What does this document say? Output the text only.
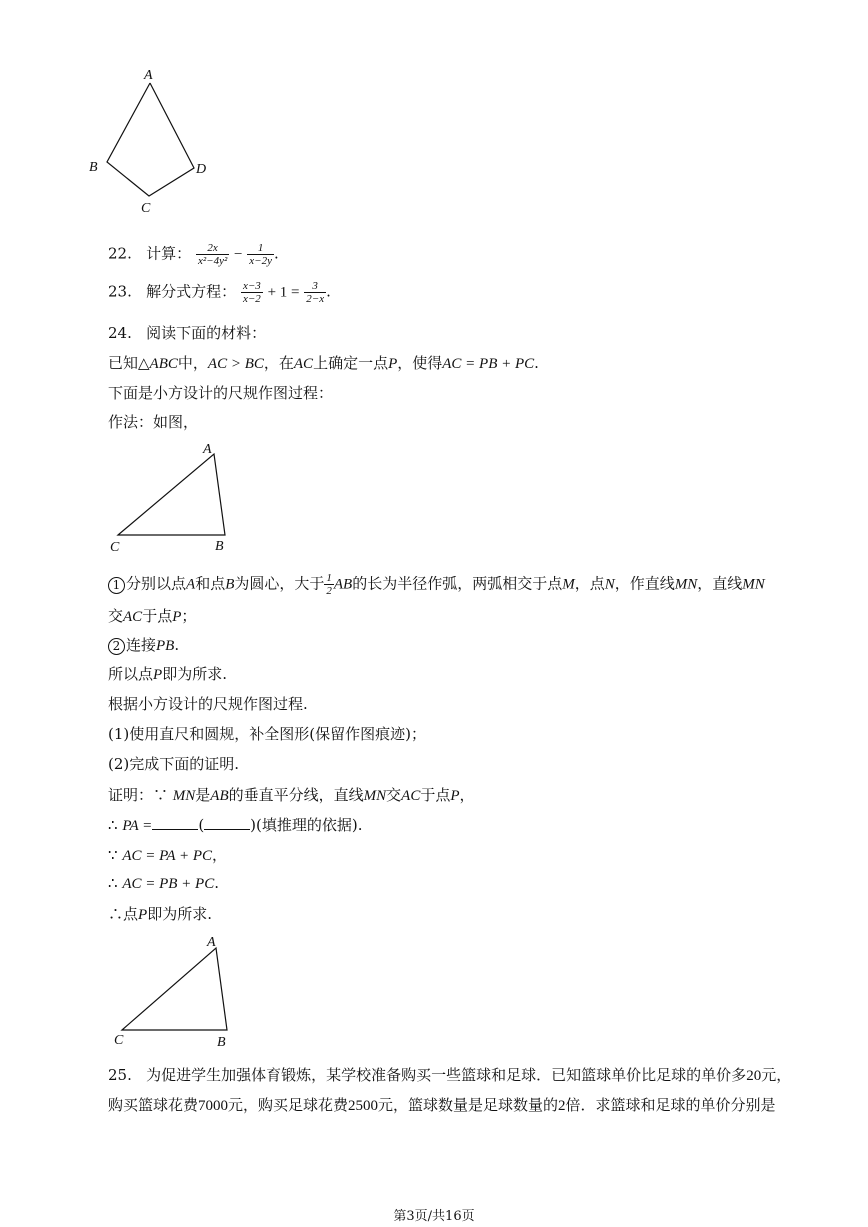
A
B
C
D
22. 计算： $\frac{2x}{\text{x²−4y²}} - \frac{1}{x-2y}$ .
23. 解分式方程： $\frac{x-3}{x-2} + 1 = \frac{3}{2-x}$ .
24. 阅读下面的材料：
已知△ABC中，AC > BC，在AC上确定一点P，使得AC = PB + PC.
下面是小方设计的尺规作图过程：
作法：如图，
A
C	B
1 分别以点A和点B为圆心，大于 $\frac{1}{2}$ AB的长为半径作弧，两弧相交于点M，点N，作直线MN，直线MN
交AC于点P；
2 连接PB.
所以点P即为所求.
根据小方设计的尺规作图过程.
(1)使用直尺和圆规，补全图形(保留作图痕迹)；
(2)完成下面的证明.
证明：∵ MN是AB的垂直平分线，直线MN交AC于点P，
∴ PA =	(	)(填推理的依据).
∵ AC = PA + PC，
∴ AC = PB + PC.
∴点P即为所求.
A
C	B
25. 为促进学生加强体育锻炼，某学校准备购买一些篮球和足球．已知篮球单价比足球的单价多20元，
购买篮球花费7000元，购买足球花费2500元，篮球数量是足球数量的2倍．求篮球和足球的单价分别是
第3页/共16页
